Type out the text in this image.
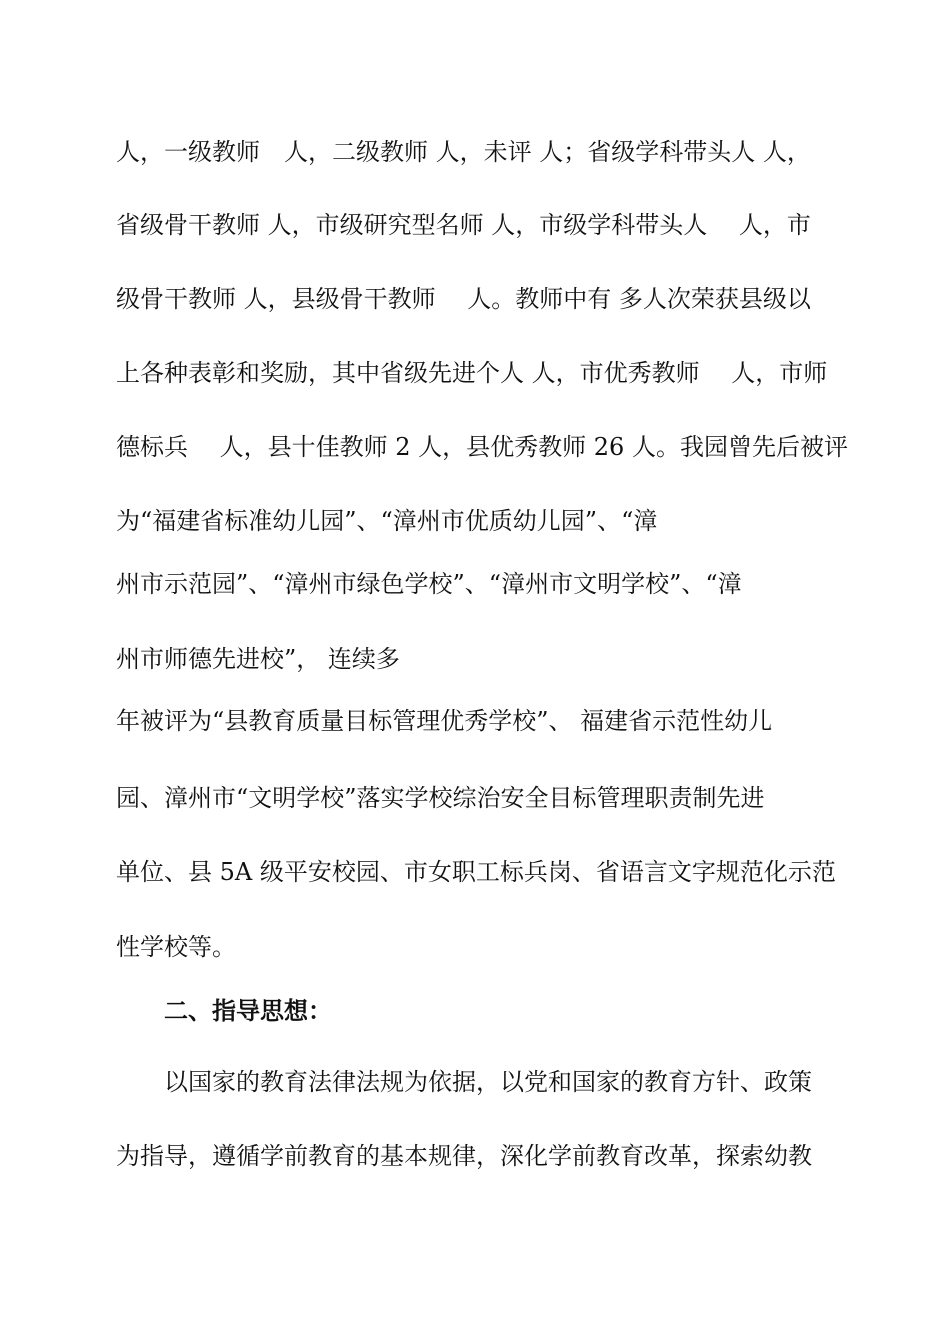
人，一级教师　人，二级教师 人，未评 人；省级学科带头人 人，
省级骨干教师 人，市级研究型名师 人，市级学科带头人　 人，市
级骨干教师 人，县级骨干教师　 人。教师中有 多人次荣获县级以
上各种表彰和奖励，其中省级先进个人 人，市优秀教师　 人，市师
德标兵　 人，县十佳教师 2 人，县优秀教师 26 人。我园曾先后被评
为“福建省标准幼儿园”、“漳州市优质幼儿园”、“漳
州市示范园”、“漳州市绿色学校”、“漳州市文明学校”、“漳
州市师德先进校”， 连续多
年被评为“县教育质量目标管理优秀学校”、 福建省示范性幼儿
园、漳州市“文明学校”落实学校综治安全目标管理职责制先进
单位、县 5A 级平安校园、市女职工标兵岗、省语言文字规范化示范
性学校等。
二、指导思想：
以国家的教育法律法规为依据，以党和国家的教育方针、政策
为指导，遵循学前教育的基本规律，深化学前教育改革，探索幼教
